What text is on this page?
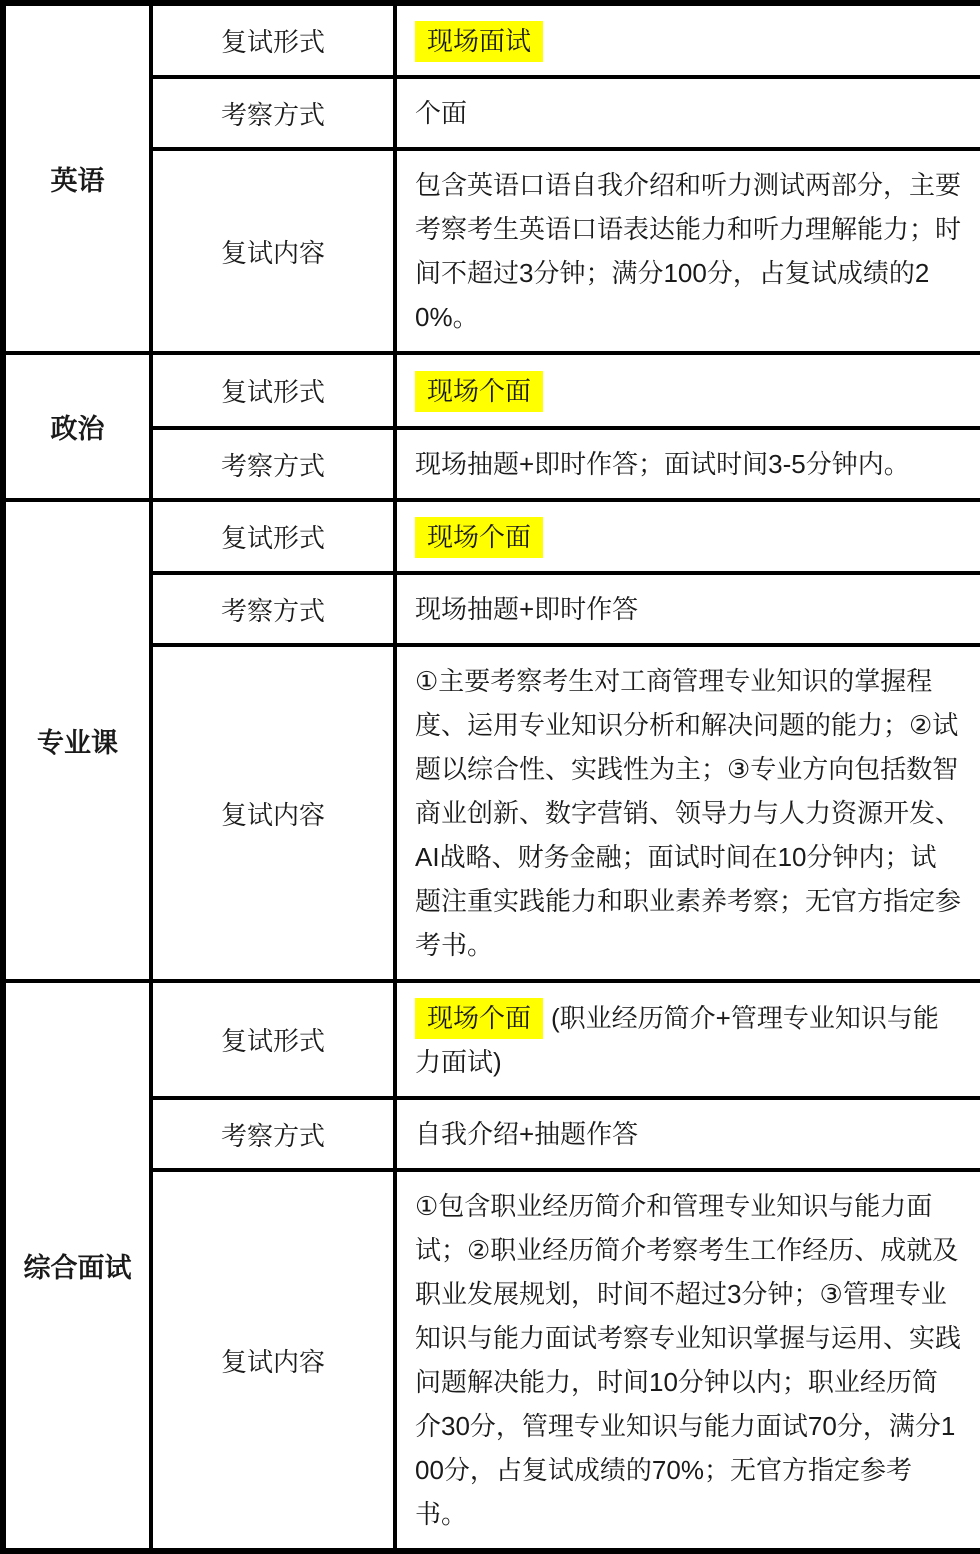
英语	复试形式	现场面试
	考察方式	个面
	复试内容	包含英语口语自我介绍和听力测试两部分，主要考察考生英语口语表达能力和听力理解能力；时间不超过3分钟；满分100分，占复试成绩的20%。
政治	复试形式	现场个面
	考察方式	现场抽题+即时作答；面试时间3-5分钟内。
专业课	复试形式	现场个面
	考察方式	现场抽题+即时作答
	复试内容	①主要考察考生对工商管理专业知识的掌握程度、运用专业知识分析和解决问题的能力；②试题以综合性、实践性为主；③专业方向包括数智商业创新、数字营销、领导力与人力资源开发、AI战略、财务金融；面试时间在10分钟内；试题注重实践能力和职业素养考察；无官方指定参考书。
综合面试	复试形式	现场个面 (职业经历简介+管理专业知识与能力面试)
	考察方式	自我介绍+抽题作答
	复试内容	①包含职业经历简介和管理专业知识与能力面试；②职业经历简介考察考生工作经历、成就及职业发展规划，时间不超过3分钟；③管理专业知识与能力面试考察专业知识掌握与运用、实践问题解决能力，时间10分钟以内；职业经历简介30分，管理专业知识与能力面试70分，满分100分，占复试成绩的70%；无官方指定参考书。
